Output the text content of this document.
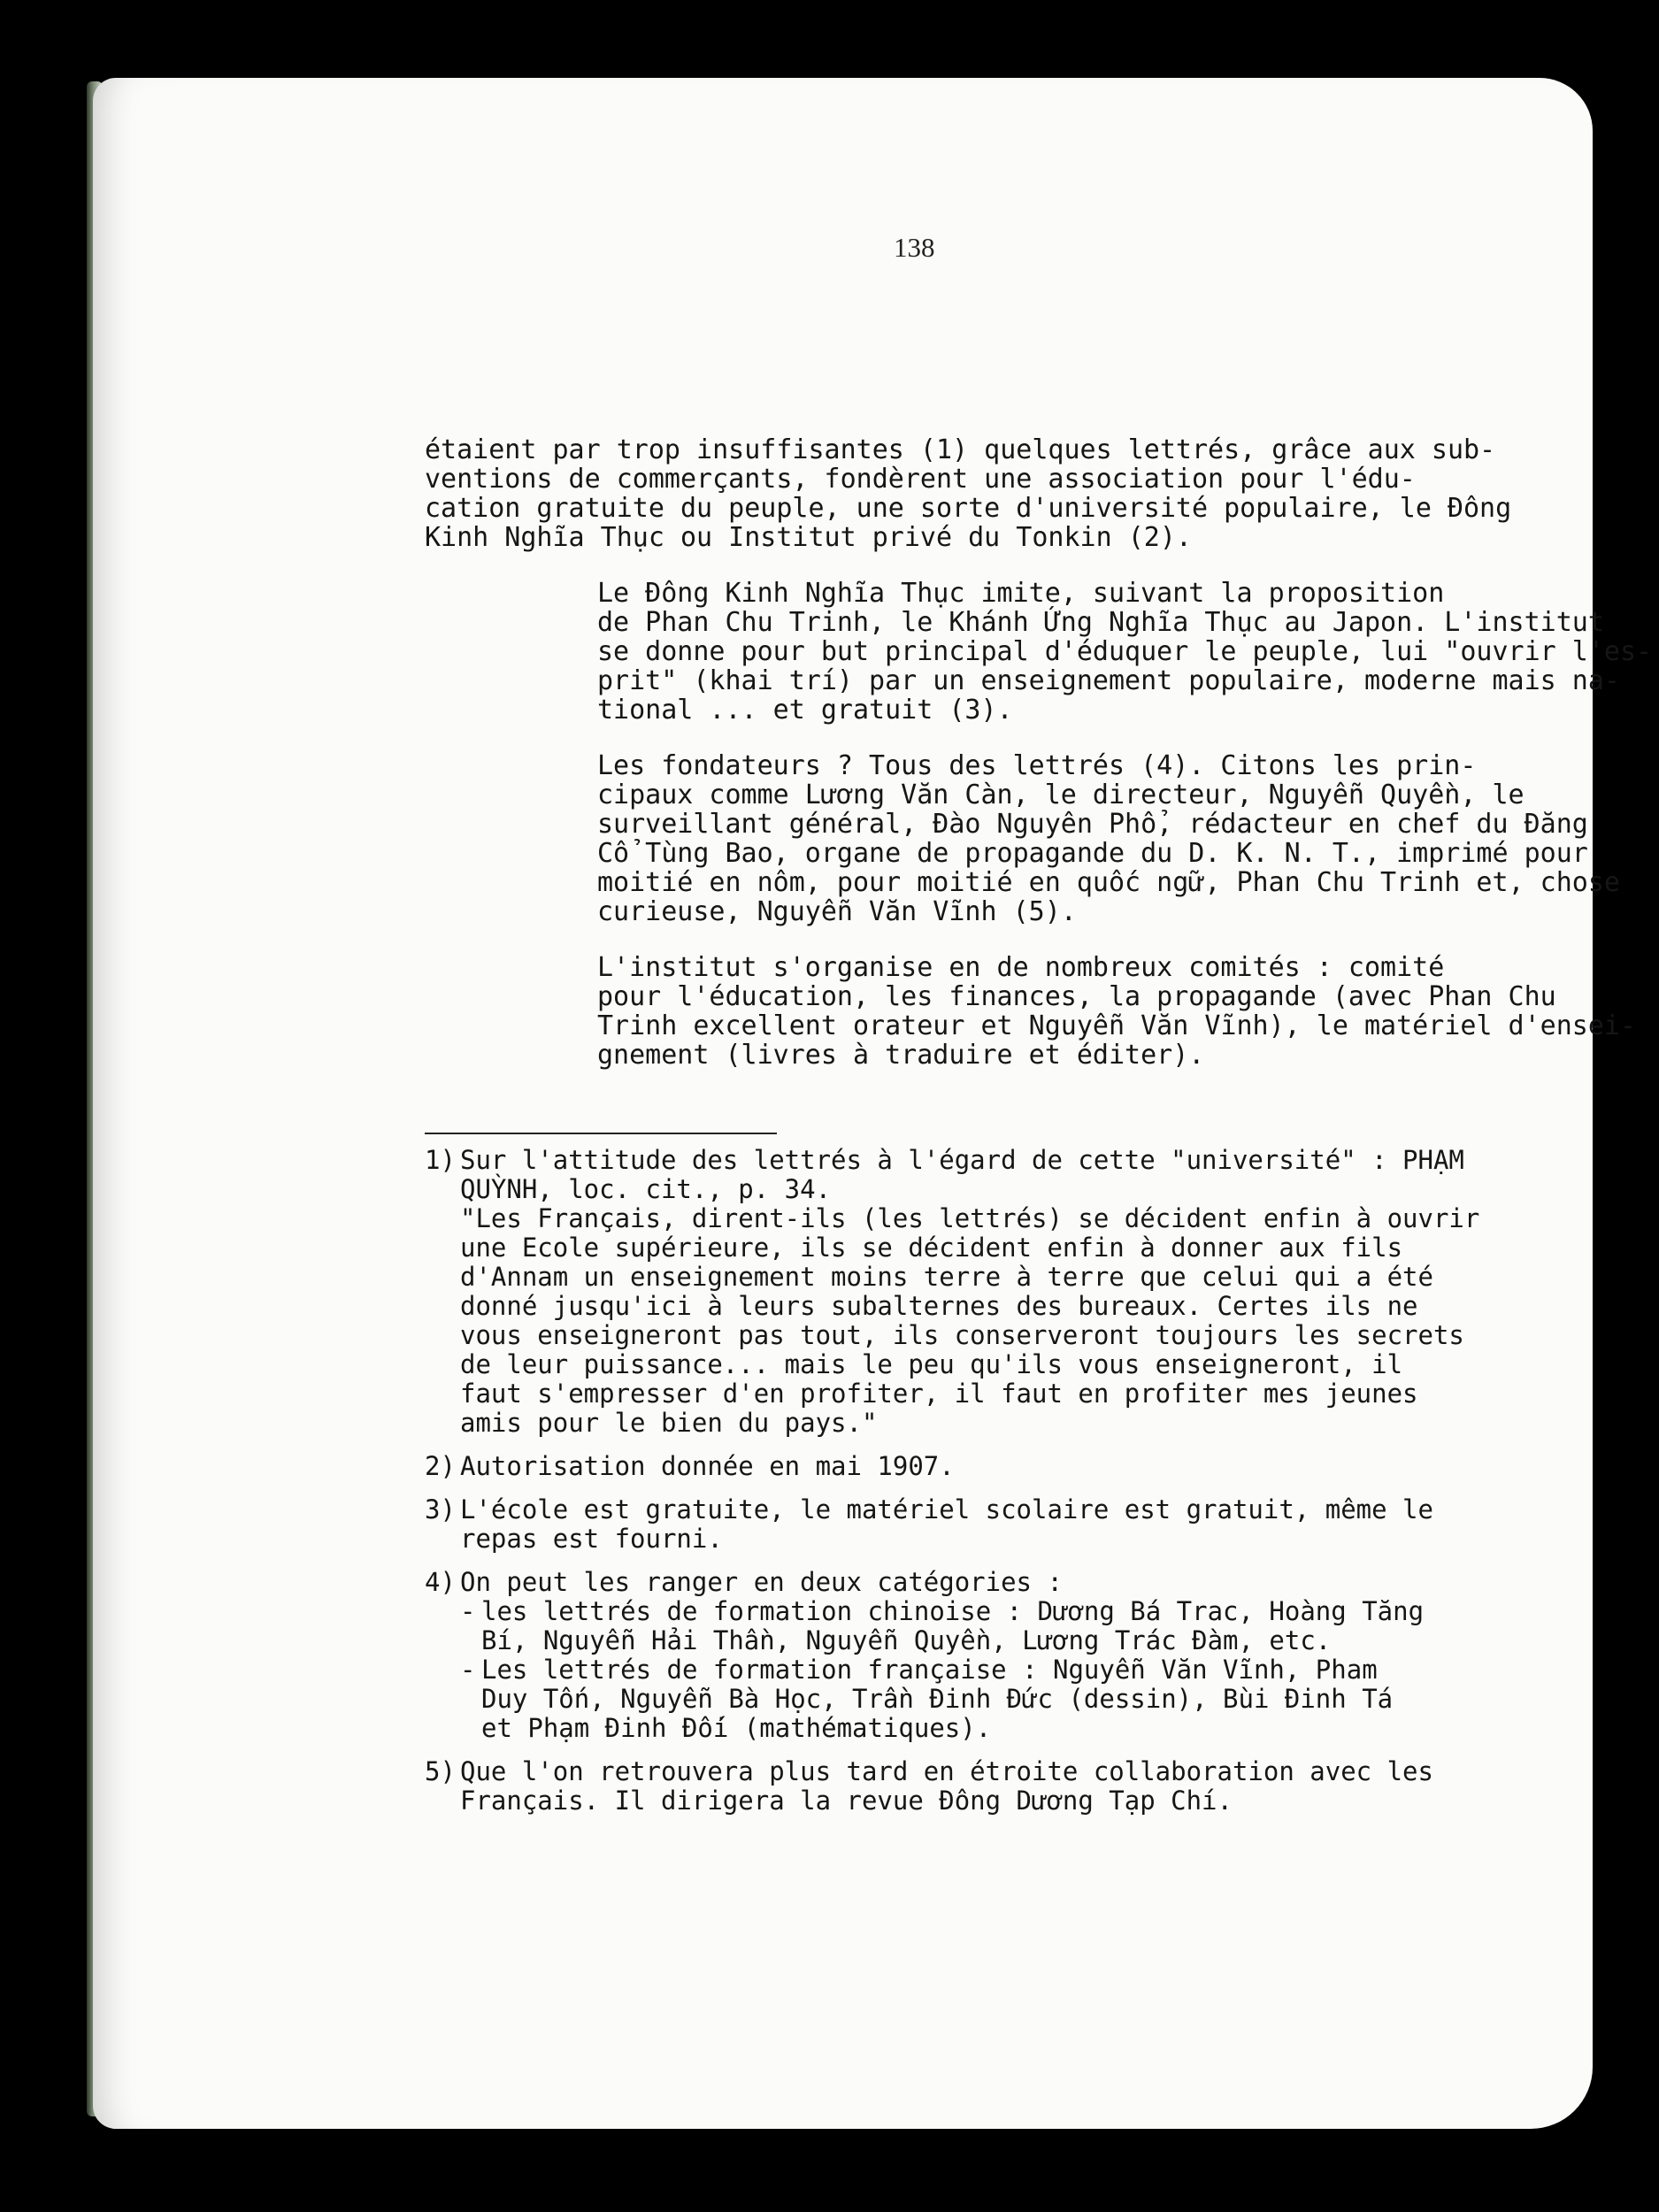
138

étaient par trop insuffisantes (1) quelques lettrés, grâce aux sub-
ventions de commerçants, fondèrent une association pour l'édu-
cation gratuite du peuple, une sorte d'université populaire, le Đông
Kinh Nghĩa Thục ou Institut privé du Tonkin (2).

Le Đông Kinh Nghĩa Thục imite, suivant la proposition
de Phan Chu Trinh, le Khánh Ứng Nghĩa Thục au Japon. L'institut
se donne pour but principal d'éduquer le peuple, lui "ouvrir l'es-
prit" (khai trí) par un enseignement populaire, moderne mais na-
tional ... et gratuit (3).

Les fondateurs ? Tous des lettrés (4). Citons les prin-
cipaux comme Lương Văn Càn, le directeur, Nguyễn Quyền, le
surveillant général, Đào Nguyên Phổ, rédacteur en chef du Đăng
Cổ Tùng Bao, organe de propagande du D. K. N. T., imprimé pour
moitié en nôm, pour moitié en quốc ngữ, Phan Chu Trinh et, chose
curieuse, Nguyễn Văn Vĩnh (5).

L'institut s'organise en de nombreux comités : comité
pour l'éducation, les finances, la propagande (avec Phan Chu
Trinh excellent orateur et Nguyễn Văn Vĩnh), le matériel d'ensei-
gnement (livres à traduire et éditer).

1) Sur l'attitude des lettrés à l'égard de cette "université" : PHẠM
QUỲNH, loc. cit., p. 34.
"Les Français, dirent-ils (les lettrés) se décident enfin à ouvrir
une Ecole supérieure, ils se décident enfin à donner aux fils
d'Annam un enseignement moins terre à terre que celui qui a été
donné jusqu'ici à leurs subalternes des bureaux. Certes ils ne
vous enseigneront pas tout, ils conserveront toujours les secrets
de leur puissance... mais le peu qu'ils vous enseigneront, il
faut s'empresser d'en profiter, il faut en profiter mes jeunes
amis pour le bien du pays."
2) Autorisation donnée en mai 1907.
3) L'école est gratuite, le matériel scolaire est gratuit, même le
repas est fourni.
4) On peut les ranger en deux catégories :
- les lettrés de formation chinoise : Dương Bá Trac, Hoàng Tăng
Bí, Nguyễn Hải Thần, Nguyễn Quyền, Lương Trác Đàm, etc.
- Les lettrés de formation française : Nguyễn Văn Vĩnh, Pham
Duy Tốn, Nguyễn Bà Học, Trần Đinh Đức (dessin), Bùi Đinh Tá
et Phạm Đinh Đối (mathématiques).
5) Que l'on retrouvera plus tard en étroite collaboration avec les
Français. Il dirigera la revue Đông Dương Tạp Chí.
